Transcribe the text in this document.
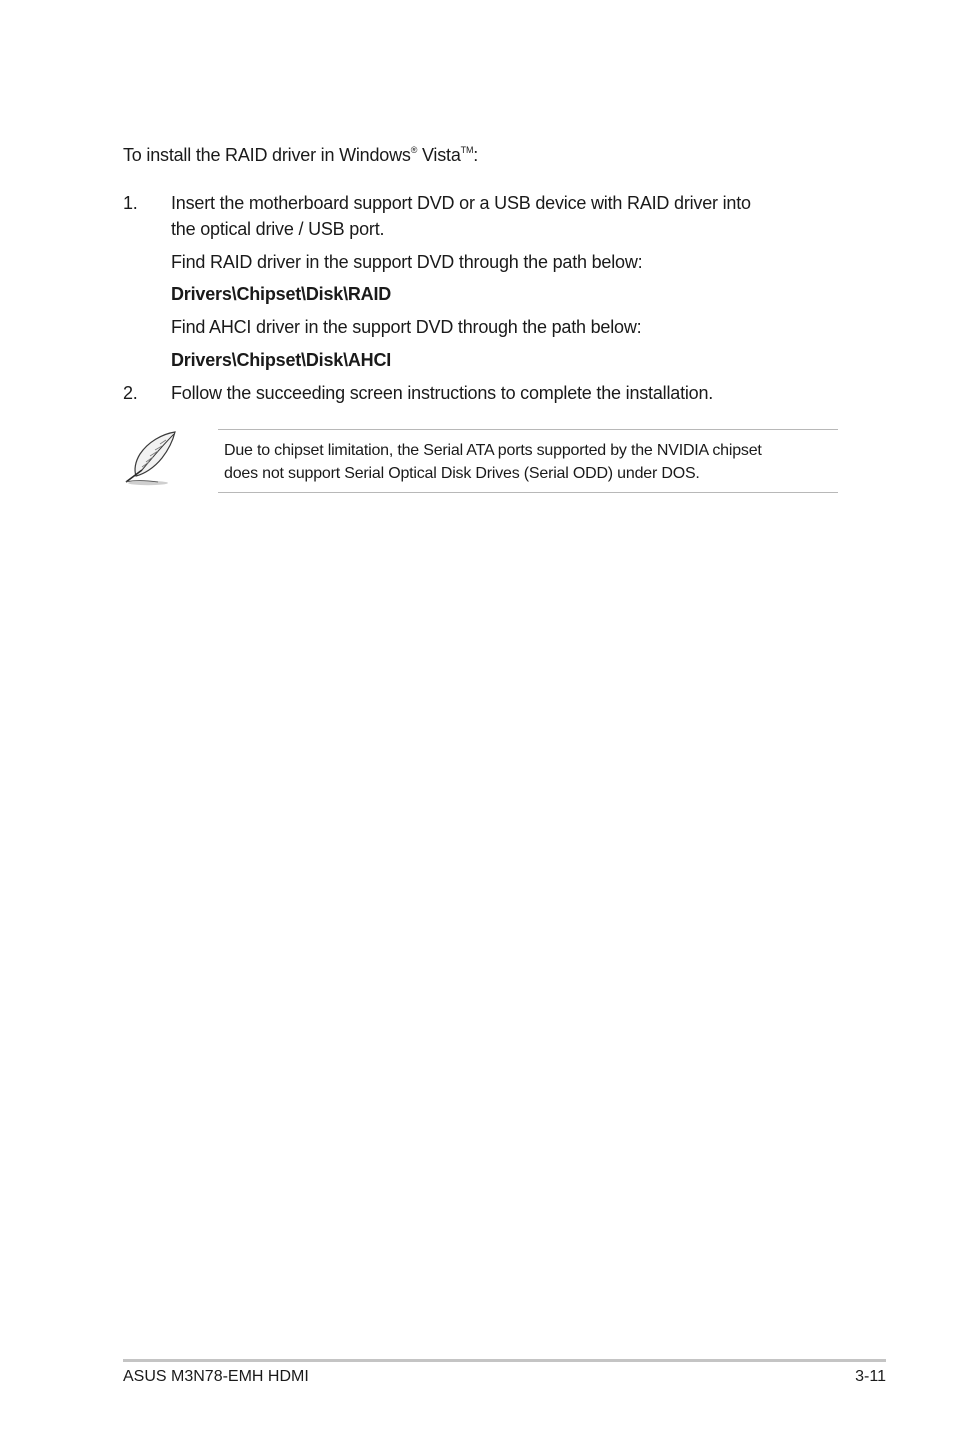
To install the RAID driver in Windows® Vista™:
1.	Insert the motherboard support DVD or a USB device with RAID driver into
the optical drive / USB port.
Find RAID driver in the support DVD through the path below:
Drivers\Chipset\Disk\RAID
Find AHCI driver in the support DVD through the path below:
Drivers\Chipset\Disk\AHCI
2.	Follow the succeeding screen instructions to complete the installation.
Due to chipset limitation, the Serial ATA ports supported by the NVIDIA chipset
does not support Serial Optical Disk Drives (Serial ODD) under DOS.
ASUS M3N78-EMH HDMI	3-11
